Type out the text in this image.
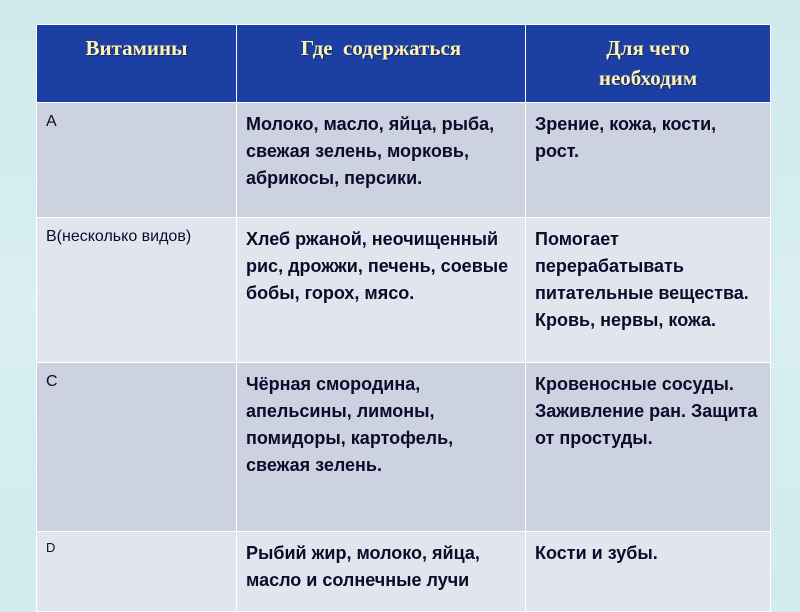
Витамины	Где  содержаться	Для чего необходим
A	Молоко, масло, яйца, рыба, свежая зелень, морковь, абрикосы, персики.	Зрение, кожа, кости, рост.
B(несколько видов)	Хлеб ржаной, неочищенный рис, дрожжи, печень, соевые бобы, горох, мясо.	Помогает перерабатывать питательные вещества. Кровь, нервы, кожа.
C	Чёрная смородина, апельсины, лимоны, помидоры, картофель, свежая зелень.	Кровеносные сосуды. Заживление ран. Защита от простуды.
D	Рыбий жир, молоко, яйца, масло и солнечные лучи	Кости и зубы.
